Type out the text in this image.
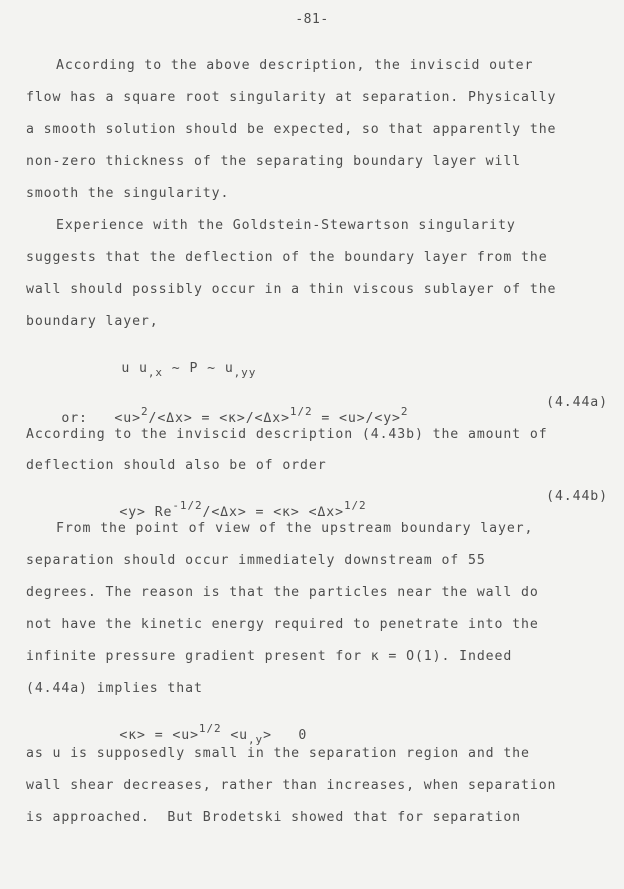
-81-
According to the above description, the inviscid outer
flow has a square root singularity at separation. Physically
a smooth solution should be expected, so that apparently the
non-zero thickness of the separating boundary layer will
smooth the singularity.
Experience with the Goldstein-Stewartson singularity
suggests that the deflection of the boundary layer from the
wall should possibly occur in a thin viscous sublayer of the
boundary layer,

u $u_{,x}$ ~ P ~ $u_{,yy}$

or: <u>$^2$/<Δx> = <κ>/<Δx>$^{1/2}$ = <u>/<y>$^2$

(4.44a)
According to the inviscid description (4.43b) the amount of
deflection should also be of order

$<y> Re^{-1/2}/<\Delta x> = <\kappa> <\Delta x>^{1/2}$

(4.44b)
From the point of view of the upstream boundary layer,
separation should occur immediately downstream of 55
degrees. The reason is that the particles near the wall do
not have the kinetic energy required to penetrate into the
infinite pressure gradient present for κ = O(1). Indeed
(4.44a) implies that

$<\kappa> = <u>^{1/2} <u_{,y}> 0$

as u is supposedly small in the separation region and the
wall shear decreases, rather than increases, when separation
is approached.  But Brodetski showed that for separation
